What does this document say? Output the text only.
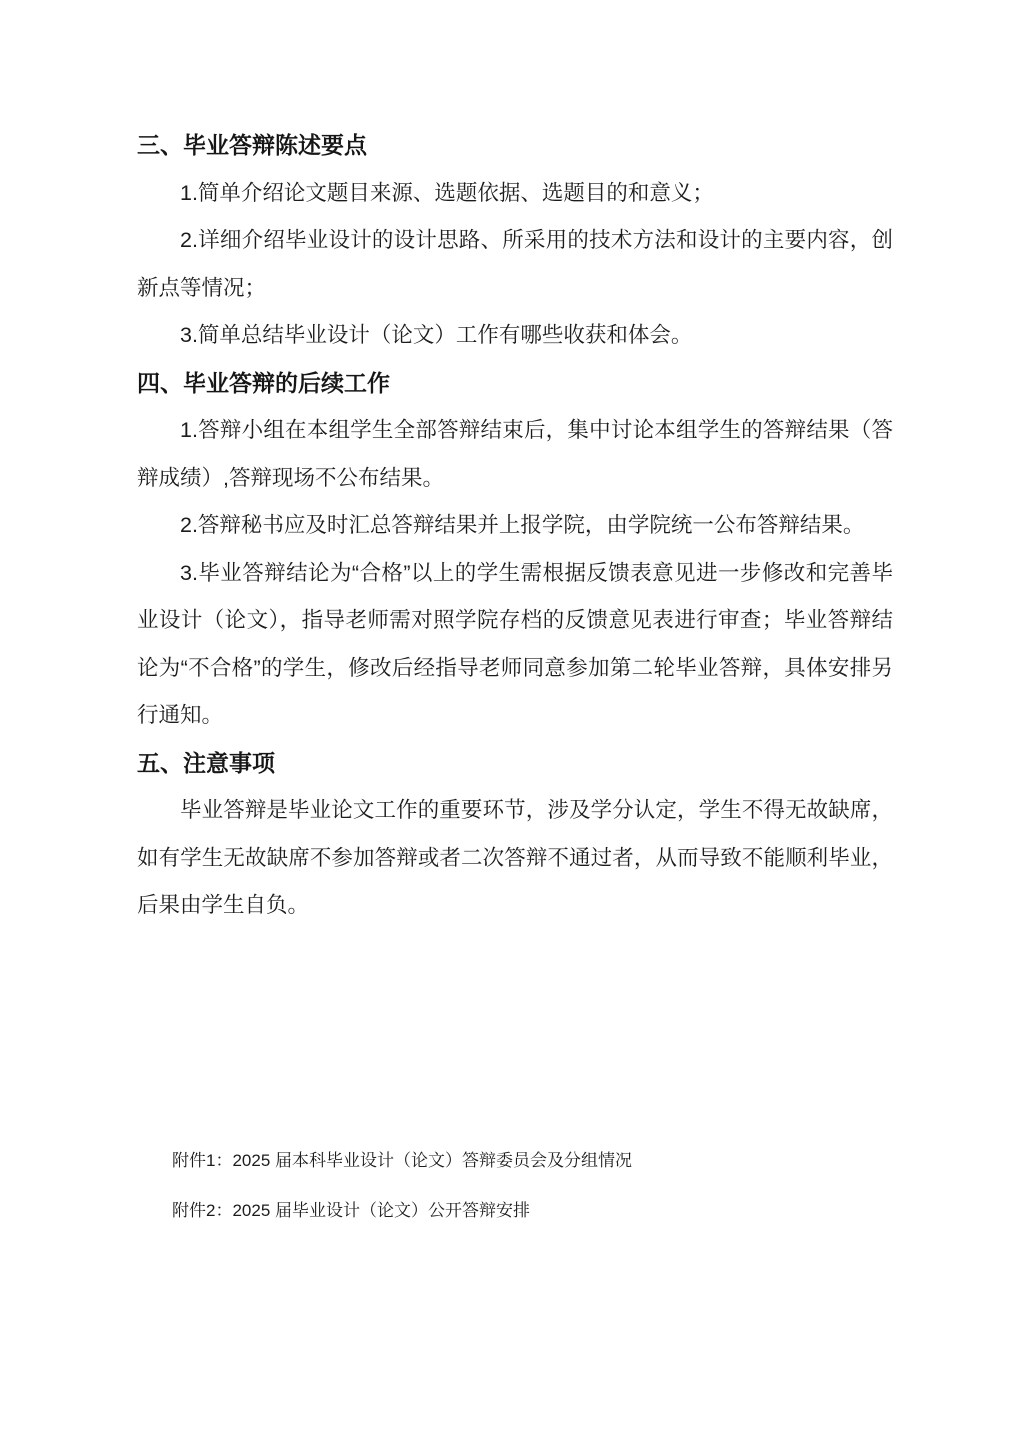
三、毕业答辩陈述要点

1.简单介绍论文题目来源、选题依据、选题目的和意义；

2.详细介绍毕业设计的设计思路、所采用的技术方法和设计的主要内容，创新点等情况；

3.简单总结毕业设计（论文）工作有哪些收获和体会。

四、毕业答辩的后续工作

1.答辩小组在本组学生全部答辩结束后，集中讨论本组学生的答辩结果（答辩成绩）,答辩现场不公布结果。

2.答辩秘书应及时汇总答辩结果并上报学院，由学院统一公布答辩结果。

3.毕业答辩结论为“合格”以上的学生需根据反馈表意见进一步修改和完善毕业设计（论文），指导老师需对照学院存档的反馈意见表进行审查；毕业答辩结论为“不合格”的学生，修改后经指导老师同意参加第二轮毕业答辩，具体安排另行通知。

五、注意事项

毕业答辩是毕业论文工作的重要环节，涉及学分认定，学生不得无故缺席，如有学生无故缺席不参加答辩或者二次答辩不通过者，从而导致不能顺利毕业，后果由学生自负。

附件1：2025 届本科毕业设计（论文）答辩委员会及分组情况

附件2：2025 届毕业设计（论文）公开答辩安排
